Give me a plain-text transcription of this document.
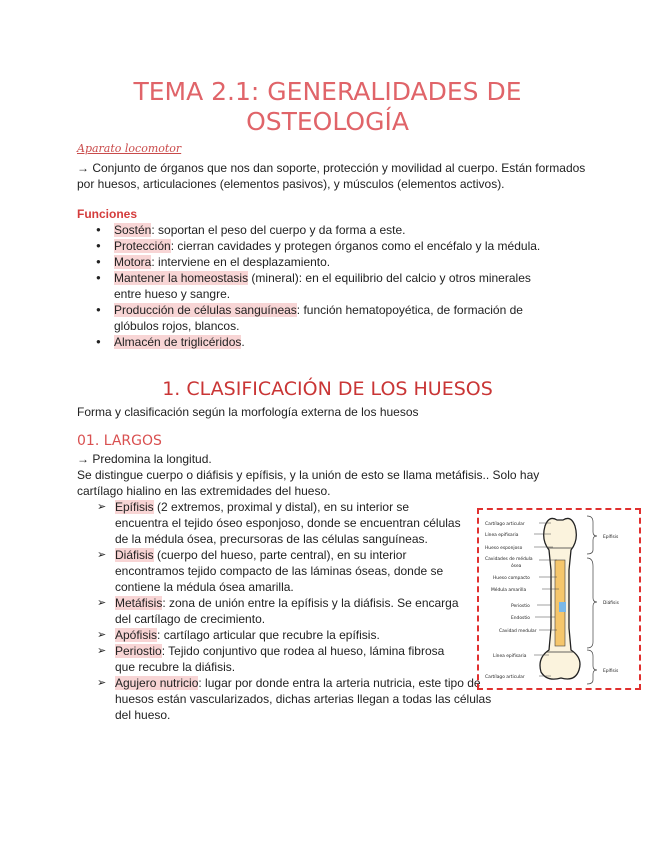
TEMA 2.1: GENERALIDADES DE
OSTEOLOGÍA
Aparato locomotor
→ Conjunto de órganos que nos dan soporte, protección y movilidad al cuerpo. Están formados
por huesos, articulaciones (elementos pasivos), y músculos (elementos activos).
Funciones
● Sostén: soportan el peso del cuerpo y da forma a este.
● Protección: cierran cavidades y protegen órganos como el encéfalo y la médula.
● Motora: interviene en el desplazamiento.
● Mantener la homeostasis (mineral): en el equilibrio del calcio y otros minerales entre hueso y sangre.
● Producción de células sanguíneas: función hematopoyética, de formación de glóbulos rojos, blancos.
● Almacén de triglicéridos.
1. CLASIFICACIÓN DE LOS HUESOS
Forma y clasificación según la morfología externa de los huesos
01. LARGOS
→ Predomina la longitud.
Se distingue cuerpo o diáfisis y epífisis, y la unión de esto se llama metáfisis.. Solo hay
cartílago hialino en las extremidades del hueso.
➢ Epífisis (2 extremos, proximal y distal), en su interior se encuentra el tejido óseo esponjoso, donde se encuentran células de la médula ósea, precursoras de las células sanguíneas.
➢ Diáfisis (cuerpo del hueso, parte central), en su interior encontramos tejido compacto de las láminas óseas, donde se contiene la médula ósea amarilla.
➢ Metáfisis: zona de unión entre la epífisis y la diáfisis. Se encarga del cartílago de crecimiento.
➢ Apófisis: cartílago articular que recubre la epífisis.
➢ Periostio: Tejido conjuntivo que rodea al hueso, lámina fibrosa que recubre la diáfisis.
➢ Agujero nutricio: lugar por donde entra la arteria nutricia, este tipo de huesos están vascularizados, dichas arterias llegan a todas las células del hueso.
Cartílago articular
Línea epifisaria
Hueso esponjoso
Cavidades de médula
ósea
Hueso compacto
Médula amarilla
Periostio
Endostio
Cavidad medular
Línea epifisaria
Cartílago articular
Epífisis
Diáfisis
Epífisis
